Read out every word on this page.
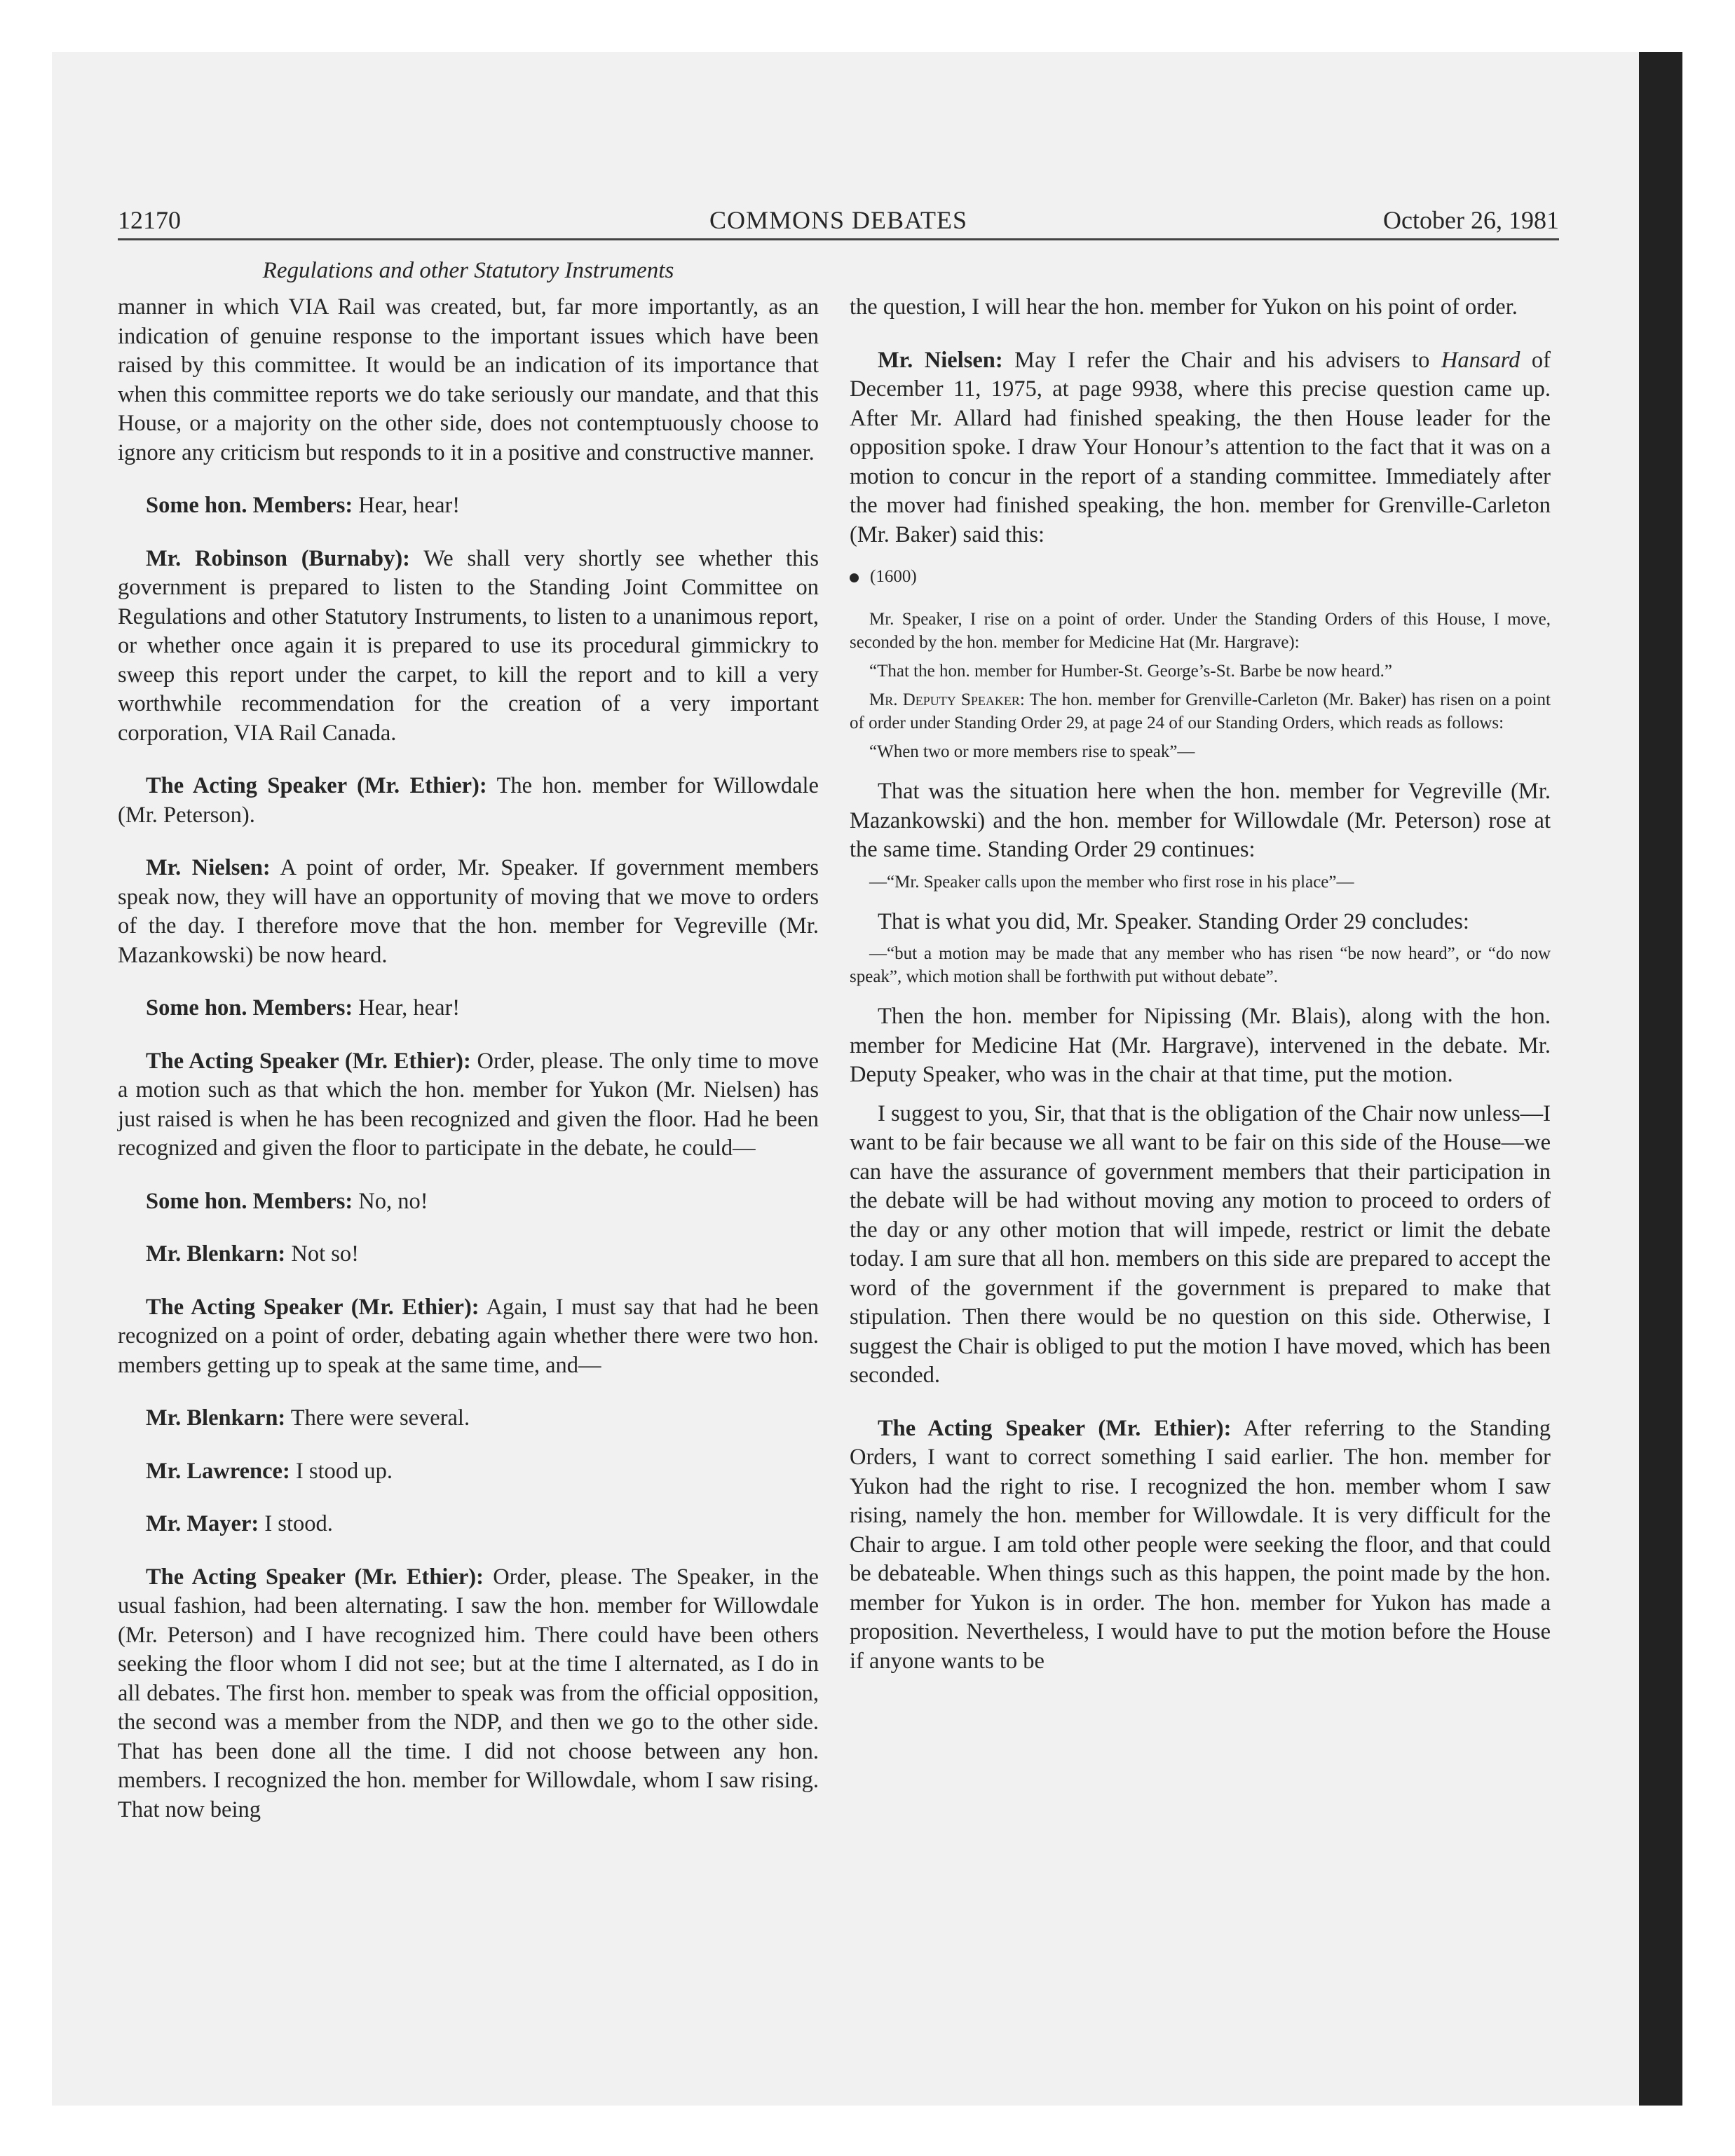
12170	COMMONS DEBATES	October 26, 1981
Regulations and other Statutory Instruments

manner in which VIA Rail was created, but, far more importantly, as an indication of genuine response to the important issues which have been raised by this committee. It would be an indication of its importance that when this committee reports we do take seriously our mandate, and that this House, or a majority on the other side, does not contemptuously choose to ignore any criticism but responds to it in a positive and constructive manner.

Some hon. Members: Hear, hear!

Mr. Robinson (Burnaby): We shall very shortly see whether this government is prepared to listen to the Standing Joint Committee on Regulations and other Statutory Instruments, to listen to a unanimous report, or whether once again it is prepared to use its procedural gimmickry to sweep this report under the carpet, to kill the report and to kill a very worthwhile recommendation for the creation of a very important corporation, VIA Rail Canada.

The Acting Speaker (Mr. Ethier): The hon. member for Willowdale (Mr. Peterson).

Mr. Nielsen: A point of order, Mr. Speaker. If government members speak now, they will have an opportunity of moving that we move to orders of the day. I therefore move that the hon. member for Vegreville (Mr. Mazankowski) be now heard.

Some hon. Members: Hear, hear!

The Acting Speaker (Mr. Ethier): Order, please. The only time to move a motion such as that which the hon. member for Yukon (Mr. Nielsen) has just raised is when he has been recognized and given the floor. Had he been recognized and given the floor to participate in the debate, he could—

Some hon. Members: No, no!

Mr. Blenkarn: Not so!

The Acting Speaker (Mr. Ethier): Again, I must say that had he been recognized on a point of order, debating again whether there were two hon. members getting up to speak at the same time, and—

Mr. Blenkarn: There were several.

Mr. Lawrence: I stood up.

Mr. Mayer: I stood.

The Acting Speaker (Mr. Ethier): Order, please. The Speaker, in the usual fashion, had been alternating. I saw the hon. member for Willowdale (Mr. Peterson) and I have recognized him. There could have been others seeking the floor whom I did not see; but at the time I alternated, as I do in all debates. The first hon. member to speak was from the official opposition, the second was a member from the NDP, and then we go to the other side. That has been done all the time. I did not choose between any hon. members. I recognized the hon. member for Willowdale, whom I saw rising. That now being

the question, I will hear the hon. member for Yukon on his point of order.

Mr. Nielsen: May I refer the Chair and his advisers to Hansard of December 11, 1975, at page 9938, where this precise question came up. After Mr. Allard had finished speaking, the then House leader for the opposition spoke. I draw Your Honour’s attention to the fact that it was on a motion to concur in the report of a standing committee. Immediately after the mover had finished speaking, the hon. member for Grenville-Carleton (Mr. Baker) said this:

(1600)

Mr. Speaker, I rise on a point of order. Under the Standing Orders of this House, I move, seconded by the hon. member for Medicine Hat (Mr. Hargrave):

“That the hon. member for Humber-St. George’s-St. Barbe be now heard.”

Mr. Deputy Speaker: The hon. member for Grenville-Carleton (Mr. Baker) has risen on a point of order under Standing Order 29, at page 24 of our Standing Orders, which reads as follows:

“When two or more members rise to speak”—

That was the situation here when the hon. member for Vegreville (Mr. Mazankowski) and the hon. member for Willowdale (Mr. Peterson) rose at the same time. Standing Order 29 continues:

—“Mr. Speaker calls upon the member who first rose in his place”—

That is what you did, Mr. Speaker. Standing Order 29 concludes:

—“but a motion may be made that any member who has risen “be now heard”, or “do now speak”, which motion shall be forthwith put without debate”.

Then the hon. member for Nipissing (Mr. Blais), along with the hon. member for Medicine Hat (Mr. Hargrave), intervened in the debate. Mr. Deputy Speaker, who was in the chair at that time, put the motion.

I suggest to you, Sir, that that is the obligation of the Chair now unless—I want to be fair because we all want to be fair on this side of the House—we can have the assurance of government members that their participation in the debate will be had without moving any motion to proceed to orders of the day or any other motion that will impede, restrict or limit the debate today. I am sure that all hon. members on this side are prepared to accept the word of the government if the government is prepared to make that stipulation. Then there would be no question on this side. Otherwise, I suggest the Chair is obliged to put the motion I have moved, which has been seconded.

The Acting Speaker (Mr. Ethier): After referring to the Standing Orders, I want to correct something I said earlier. The hon. member for Yukon had the right to rise. I recognized the hon. member whom I saw rising, namely the hon. member for Willowdale. It is very difficult for the Chair to argue. I am told other people were seeking the floor, and that could be debateable. When things such as this happen, the point made by the hon. member for Yukon is in order. The hon. member for Yukon has made a proposition. Nevertheless, I would have to put the motion before the House if anyone wants to be
